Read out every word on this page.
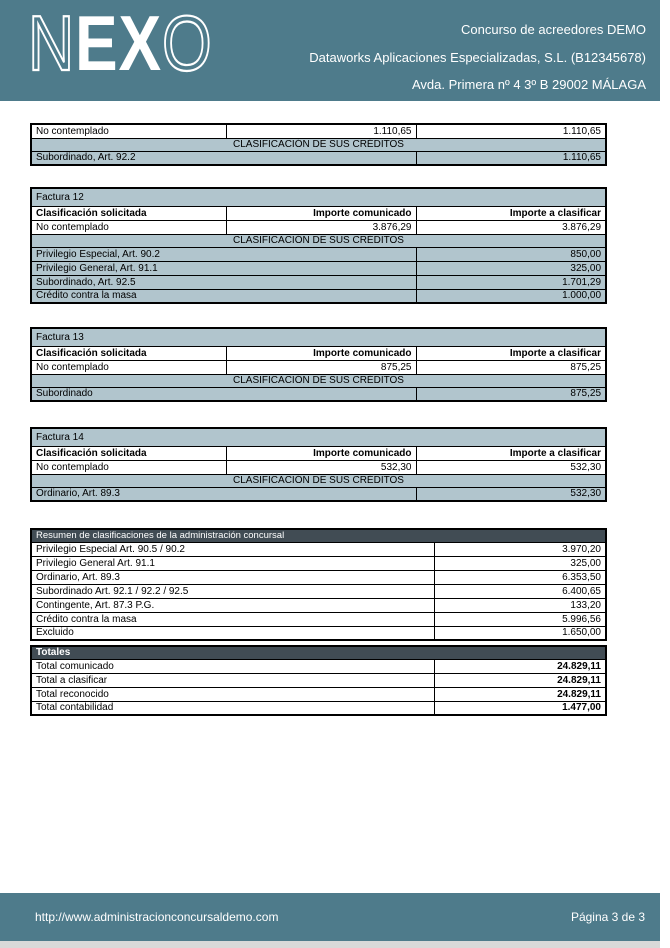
NEXO	Concurso de acreedores DEMO
Dataworks Aplicaciones Especializadas, S.L. (B12345678)
Avda. Primera nº 4 3º B 29002 MÁLAGA
No contemplado	1.110,65	1.110,65
CLASIFICACIÓN DE SUS CRÉDITOS		
Subordinado, Art. 92.2		1.110,65
Factura 12		
Clasificación solicitada	Importe comunicado	Importe a clasificar
No contemplado	3.876,29	3.876,29
CLASIFICACIÓN DE SUS CRÉDITOS		
Privilegio Especial, Art. 90.2		850,00
Privilegio General, Art. 91.1		325,00
Subordinado, Art. 92.5		1.701,29
Crédito contra la masa		1.000,00
Factura 13		
Clasificación solicitada	Importe comunicado	Importe a clasificar
No contemplado	875,25	875,25
CLASIFICACIÓN DE SUS CRÉDITOS		
Subordinado		875,25
Factura 14		
Clasificación solicitada	Importe comunicado	Importe a clasificar
No contemplado	532,30	532,30
CLASIFICACIÓN DE SUS CRÉDITOS		
Ordinario, Art. 89.3		532,30
Resumen de clasificaciones de la administración concursal	
Privilegio Especial Art. 90.5 / 90.2	3.970,20
Privilegio General Art. 91.1	325,00
Ordinario, Art. 89.3	6.353,50
Subordinado Art. 92.1 / 92.2 / 92.5	6.400,65
Contingente, Art. 87.3 P.G.	133,20
Crédito contra la masa	5.996,56
Excluido	1.650,00
Totales	
Total comunicado	24.829,11
Total a clasificar	24.829,11
Total reconocido	24.829,11
Total contabilidad	1.477,00
http://www.administracionconcursaldemo.com	Página 3 de 3
